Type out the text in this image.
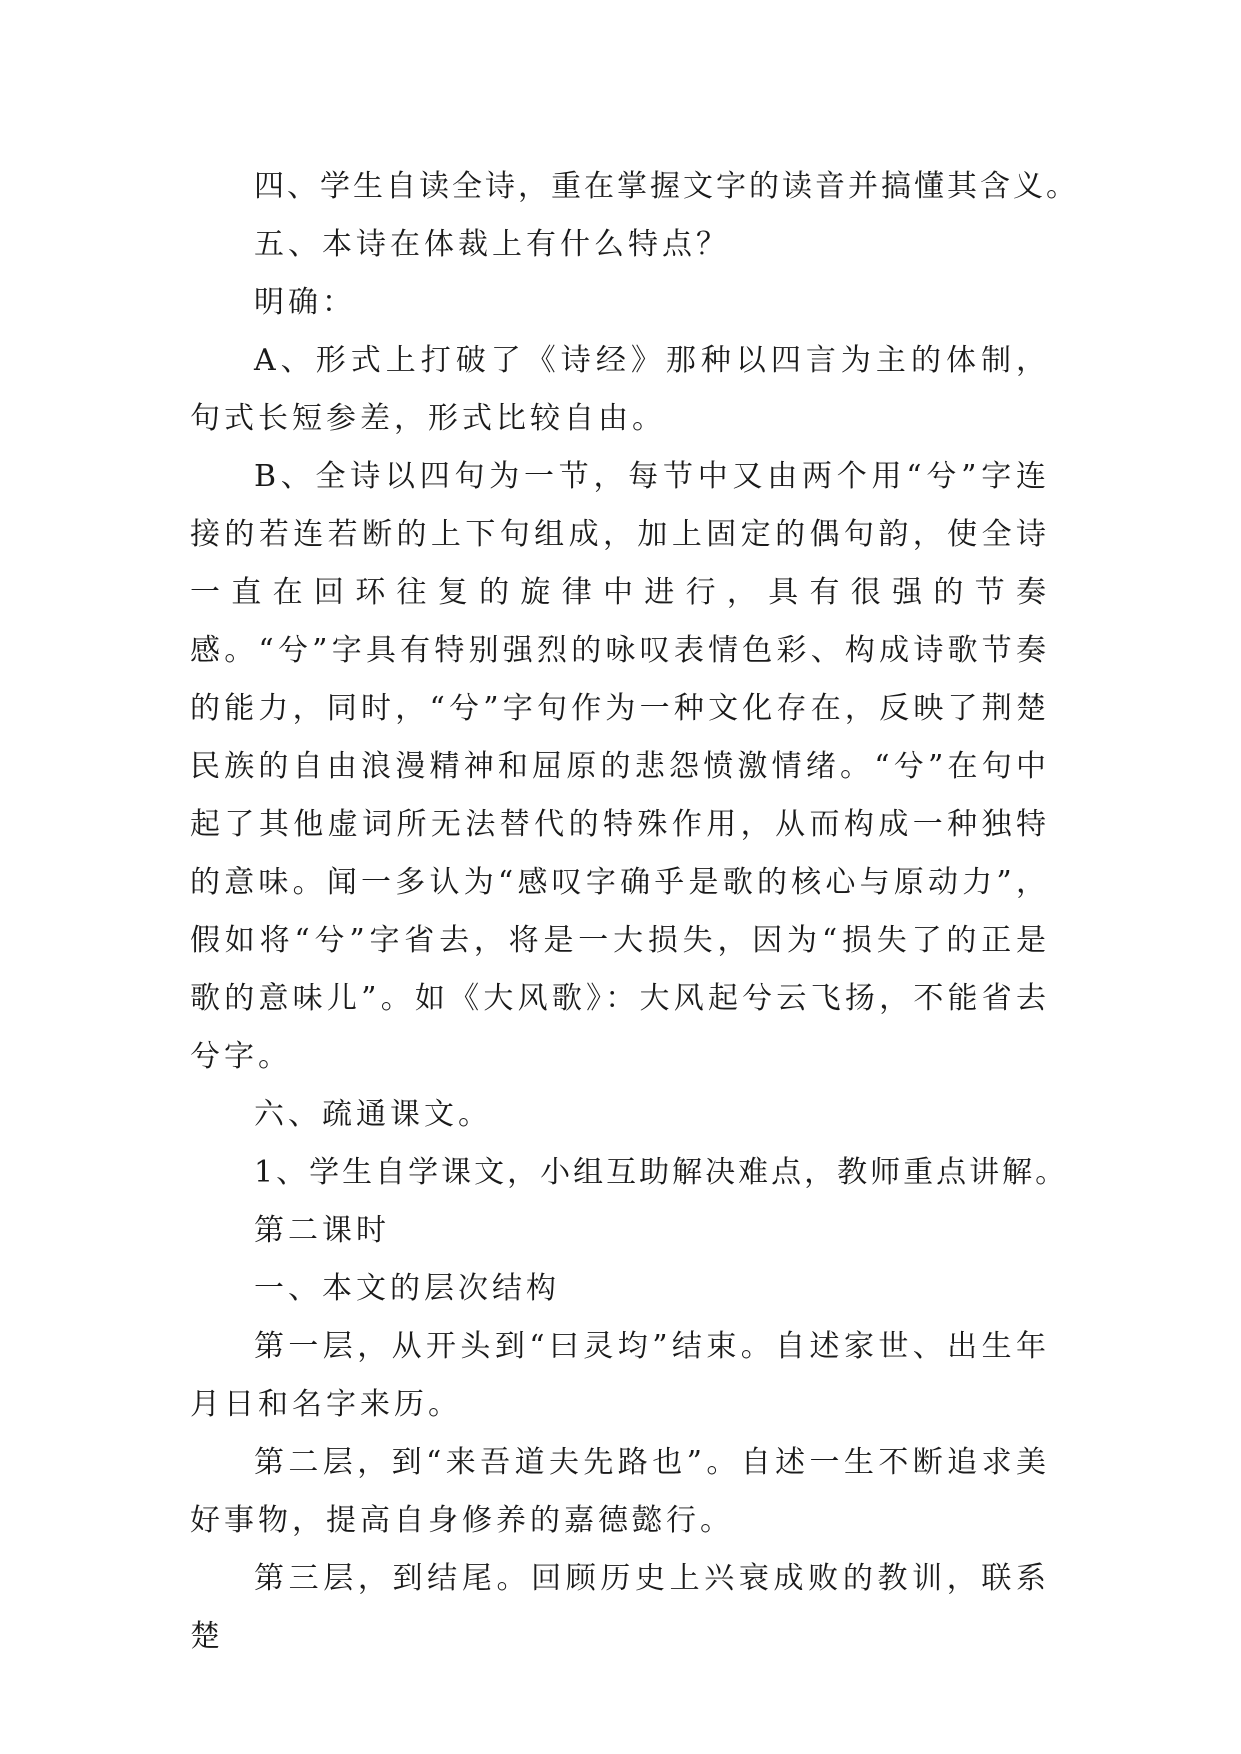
四、学生自读全诗，重在掌握文字的读音并搞懂其含义。

五、本诗在体裁上有什么特点？

明确：

A、形式上打破了《诗经》那种以四言为主的体制，句式长短参差，形式比较自由。

B、全诗以四句为一节，每节中又由两个用“兮”字连接的若连若断的上下句组成，加上固定的偶句韵，使全诗一直在回环往复的旋律中进行，具有很强的节奏感。“兮”字具有特别强烈的咏叹表情色彩、构成诗歌节奏的能力，同时，“兮”字句作为一种文化存在，反映了荆楚民族的自由浪漫精神和屈原的悲怨愤激情绪。“兮”在句中起了其他虚词所无法替代的特殊作用，从而构成一种独特的意味。闻一多认为“感叹字确乎是歌的核心与原动力”，假如将“兮”字省去，将是一大损失，因为“损失了的正是歌的意味儿”。如《大风歌》：大风起兮云飞扬，不能省去兮字。

六、疏通课文。

1、学生自学课文，小组互助解决难点，教师重点讲解。

第二课时

一、本文的层次结构

第一层，从开头到“曰灵均”结束。自述家世、出生年月日和名字来历。

第二层，到“来吾道夫先路也”。自述一生不断追求美好事物，提高自身修养的嘉德懿行。

第三层，到结尾。回顾历史上兴衰成败的教训，联系楚
